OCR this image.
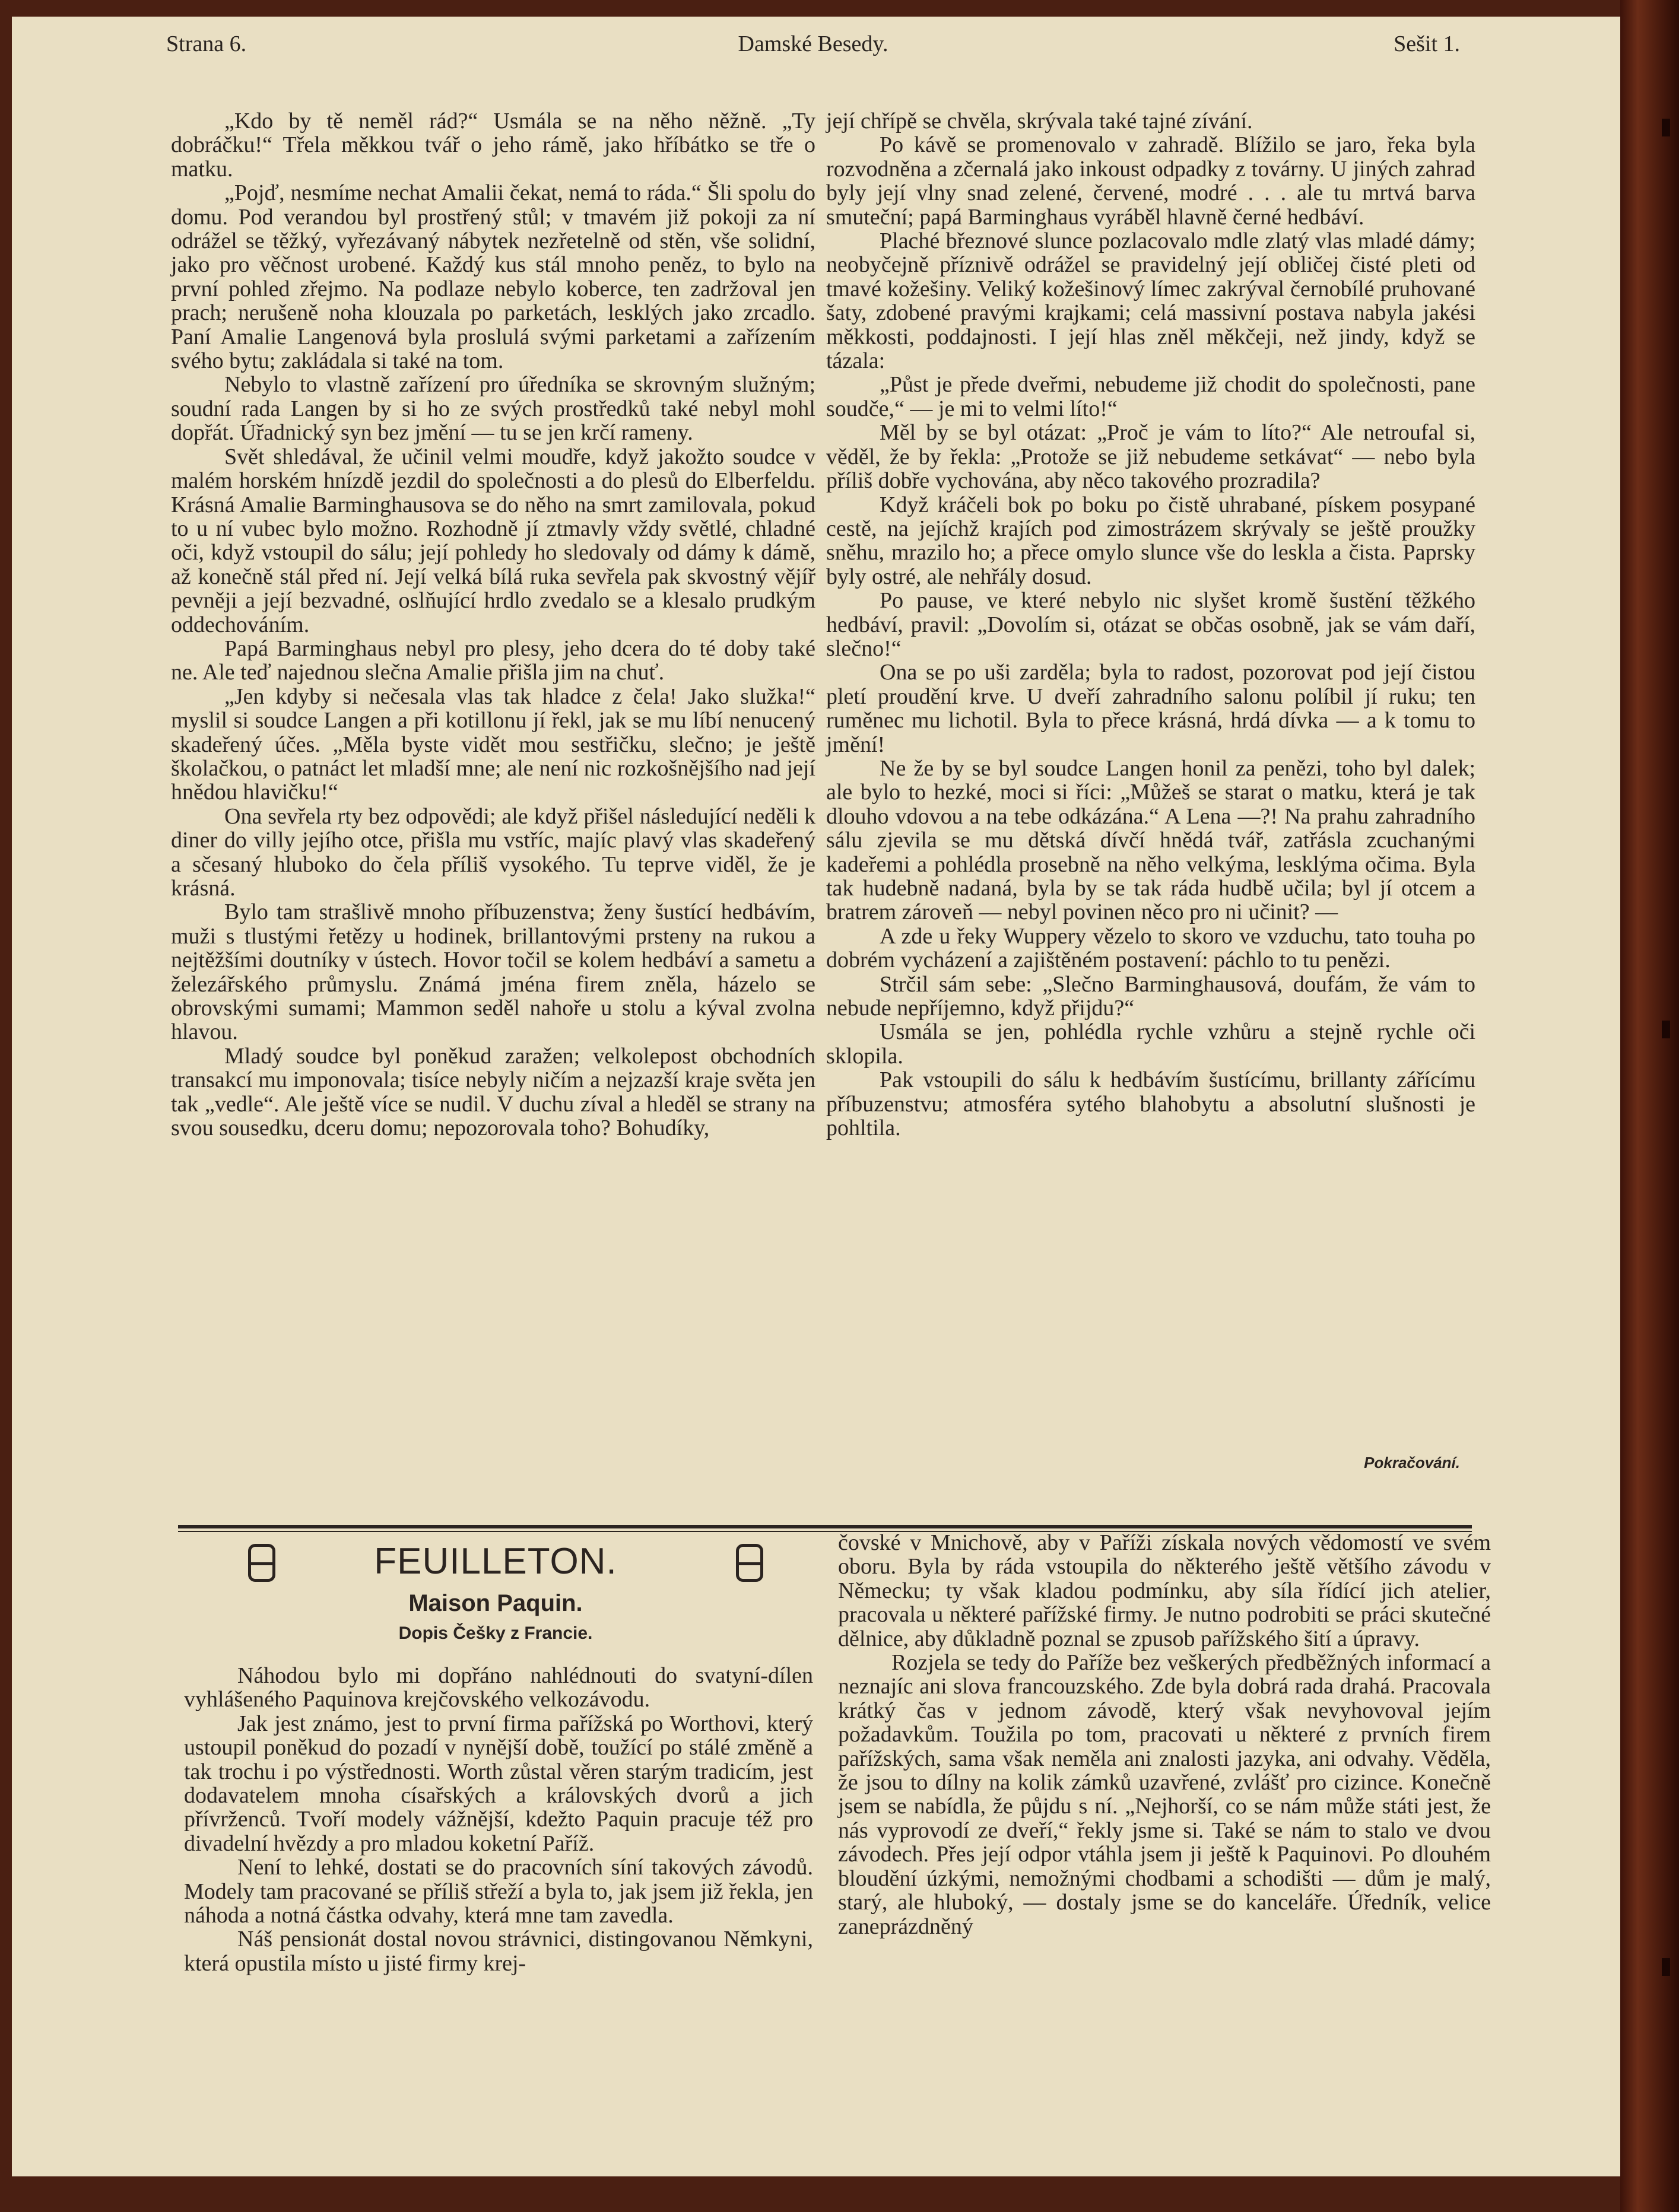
Strana 6.	Damské Besedy.	Sešit 1.

„Kdo by tě neměl rád?“ Usmála se na něho něžně. „Ty dobráčku!“ Třela měkkou tvář o jeho rámě, jako hříbátko se tře o matku.

„Pojď, nesmíme nechat Amalii čekat, nemá to ráda.“ Šli spolu do domu. Pod verandou byl prostřený stůl; v tmavém již pokoji za ní odrážel se těžký, vyřezávaný nábytek nezřetelně od stěn, vše solidní, jako pro věčnost urobené. Každý kus stál mnoho peněz, to bylo na první pohled zřejmo. Na podlaze nebylo koberce, ten zadržoval jen prach; nerušeně noha klouzala po parketách, lesklých jako zrcadlo. Paní Amalie Langenová byla proslulá svými parketami a zařízením svého bytu; zakládala si také na tom.

Nebylo to vlastně zařízení pro úředníka se skrovným služným; soudní rada Langen by si ho ze svých prostředků také nebyl mohl dopřát. Úřadnický syn bez jmění — tu se jen krčí rameny.

Svět shledával, že učinil velmi moudře, když jakožto soudce v malém horském hnízdě jezdil do společnosti a do plesů do Elberfeldu. Krásná Amalie Barminghausova se do něho na smrt zamilovala, pokud to u ní vubec bylo možno. Rozhodně jí ztmavly vždy světlé, chladné oči, když vstoupil do sálu; její pohledy ho sledovaly od dámy k dámě, až konečně stál před ní. Její velká bílá ruka sevřela pak skvostný vějíř pevněji a její bezvadné, oslňující hrdlo zvedalo se a klesalo prudkým oddechováním.

Papá Barminghaus nebyl pro plesy, jeho dcera do té doby také ne. Ale teď najednou slečna Amalie přišla jim na chuť.

„Jen kdyby si nečesala vlas tak hladce z čela! Jako služka!“ myslil si soudce Langen a při kotillonu jí řekl, jak se mu líbí nenucený skadeřený účes. „Měla byste vidět mou sestřičku, slečno; je ještě školačkou, o patnáct let mladší mne; ale není nic rozkošnějšího nad její hnědou hlavičku!“

Ona sevřela rty bez odpovědi; ale když přišel následující neděli k diner do villy jejího otce, přišla mu vstříc, majíc plavý vlas skadeřený a sčesaný hluboko do čela příliš vysokého. Tu teprve viděl, že je krásná.

Bylo tam strašlivě mnoho příbuzenstva; ženy šustící hedbávím, muži s tlustými řetězy u hodinek, brillantovými prsteny na rukou a nejtěžšími doutníky v ústech. Hovor točil se kolem hedbáví a sametu a železářského průmyslu. Známá jména firem zněla, házelo se obrovskými sumami; Mammon seděl nahoře u stolu a kýval zvolna hlavou.

Mladý soudce byl poněkud zaražen; velkolepost obchodních transakcí mu imponovala; tisíce nebyly ničím a nejzazší kraje světa jen tak „vedle“. Ale ještě více se nudil. V duchu zíval a hleděl se strany na svou sousedku, dceru domu; nepozorovala toho? Bohudíky,

její chřípě se chvěla, skrývala také tajné zívání.

Po kávě se promenovalo v zahradě. Blížilo se jaro, řeka byla rozvodněna a zčernalá jako inkoust odpadky z továrny. U jiných zahrad byly její vlny snad zelené, červené, modré . . . ale tu mrtvá barva smuteční; papá Barminghaus vyráběl hlavně černé hedbáví.

Plaché březnové slunce pozlacovalo mdle zlatý vlas mladé dámy; neobyčejně příznivě odrážel se pravidelný její obličej čisté pleti od tmavé kožešiny. Veliký kožešinový límec zakrýval černobílé pruhované šaty, zdobené pravými krajkami; celá massivní postava nabyla jakési měkkosti, poddajnosti. I její hlas zněl měkčeji, než jindy, když se tázala:

„Půst je přede dveřmi, nebudeme již chodit do společnosti, pane soudče,“ — je mi to velmi líto!“

Měl by se byl otázat: „Proč je vám to líto?“ Ale netroufal si, věděl, že by řekla: „Protože se již nebudeme setkávat“ — nebo byla příliš dobře vychována, aby něco takového prozradila?

Když kráčeli bok po boku po čistě uhrabané, pískem posypané cestě, na jejíchž krajích pod zimostrázem skrývaly se ještě proužky sněhu, mrazilo ho; a přece omylo slunce vše do leskla a čista. Paprsky byly ostré, ale nehřály dosud.

Po pause, ve které nebylo nic slyšet kromě šustění těžkého hedbáví, pravil: „Dovolím si, otázat se občas osobně, jak se vám daří, slečno!“

Ona se po uši zarděla; byla to radost, pozorovat pod její čistou pletí proudění krve. U dveří zahradního salonu políbil jí ruku; ten ruměnec mu lichotil. Byla to přece krásná, hrdá dívka — a k tomu to jmění!

Ne že by se byl soudce Langen honil za penězi, toho byl dalek; ale bylo to hezké, moci si říci: „Můžeš se starat o matku, která je tak dlouho vdovou a na tebe odkázána.“ A Lena —?! Na prahu zahradního sálu zjevila se mu dětská dívčí hnědá tvář, zatřásla zcuchanými kadeřemi a pohlédla prosebně na něho velkýma, lesklýma očima. Byla tak hudebně nadaná, byla by se tak ráda hudbě učila; byl jí otcem a bratrem zároveň — nebyl povinen něco pro ni učinit? —

A zde u řeky Wuppery vězelo to skoro ve vzduchu, tato touha po dobrém vycházení a zajištěném postavení: páchlo to tu penězi.

Strčil sám sebe: „Slečno Barminghausová, doufám, že vám to nebude nepříjemno, když přijdu?“

Usmála se jen, pohlédla rychle vzhůru a stejně rychle oči sklopila.

Pak vstoupili do sálu k hedbávím šustícímu, brillanty zářícímu příbuzenstvu; atmosféra sytého blahobytu a absolutní slušnosti je pohltila.

Pokračování.
FEUILLETON.
Maison Paquin.
Dopis Češky z Francie.

Náhodou bylo mi dopřáno nahlédnouti do svatyní-dílen vyhlášeného Paquinova krejčovského velkozávodu.

Jak jest známo, jest to první firma pařížská po Worthovi, který ustoupil poněkud do pozadí v nynější době, toužící po stálé změně a tak trochu i po výstřednosti. Worth zůstal věren starým tradicím, jest dodavatelem mnoha císařských a královských dvorů a jich přívrženců. Tvoří modely vážnější, kdežto Paquin pracuje též pro divadelní hvězdy a pro mladou koketní Paříž.

Není to lehké, dostati se do pracovních síní takových závodů. Modely tam pracované se příliš střeží a byla to, jak jsem již řekla, jen náhoda a notná částka odvahy, která mne tam zavedla.

Náš pensionát dostal novou strávnici, distingovanou Němkyni, která opustila místo u jisté firmy krej-

čovské v Mnichově, aby v Paříži získala nových vědomostí ve svém oboru. Byla by ráda vstoupila do některého ještě většího závodu v Německu; ty však kladou podmínku, aby síla řídící jich atelier, pracovala u některé pařížské firmy. Je nutno podrobiti se práci skutečné dělnice, aby důkladně poznal se zpusob pařížského šití a úpravy.

Rozjela se tedy do Paříže bez veškerých předběžných informací a neznajíc ani slova francouzského. Zde byla dobrá rada drahá. Pracovala krátký čas v jednom závodě, který však nevyhovoval jejím požadavkům. Toužila po tom, pracovati u některé z prvních firem pařížských, sama však neměla ani znalosti jazyka, ani odvahy. Věděla, že jsou to dílny na kolik zámků uzavřené, zvlášť pro cizince. Konečně jsem se nabídla, že půjdu s ní. „Nejhorší, co se nám může státi jest, že nás vyprovodí ze dveří,“ řekly jsme si. Také se nám to stalo ve dvou závodech. Přes její odpor vtáhla jsem ji ještě k Paquinovi. Po dlouhém bloudění úzkými, nemožnými chodbami a schodišti — dům je malý, starý, ale hluboký, — dostaly jsme se do kanceláře. Úředník, velice zaneprázdněný
